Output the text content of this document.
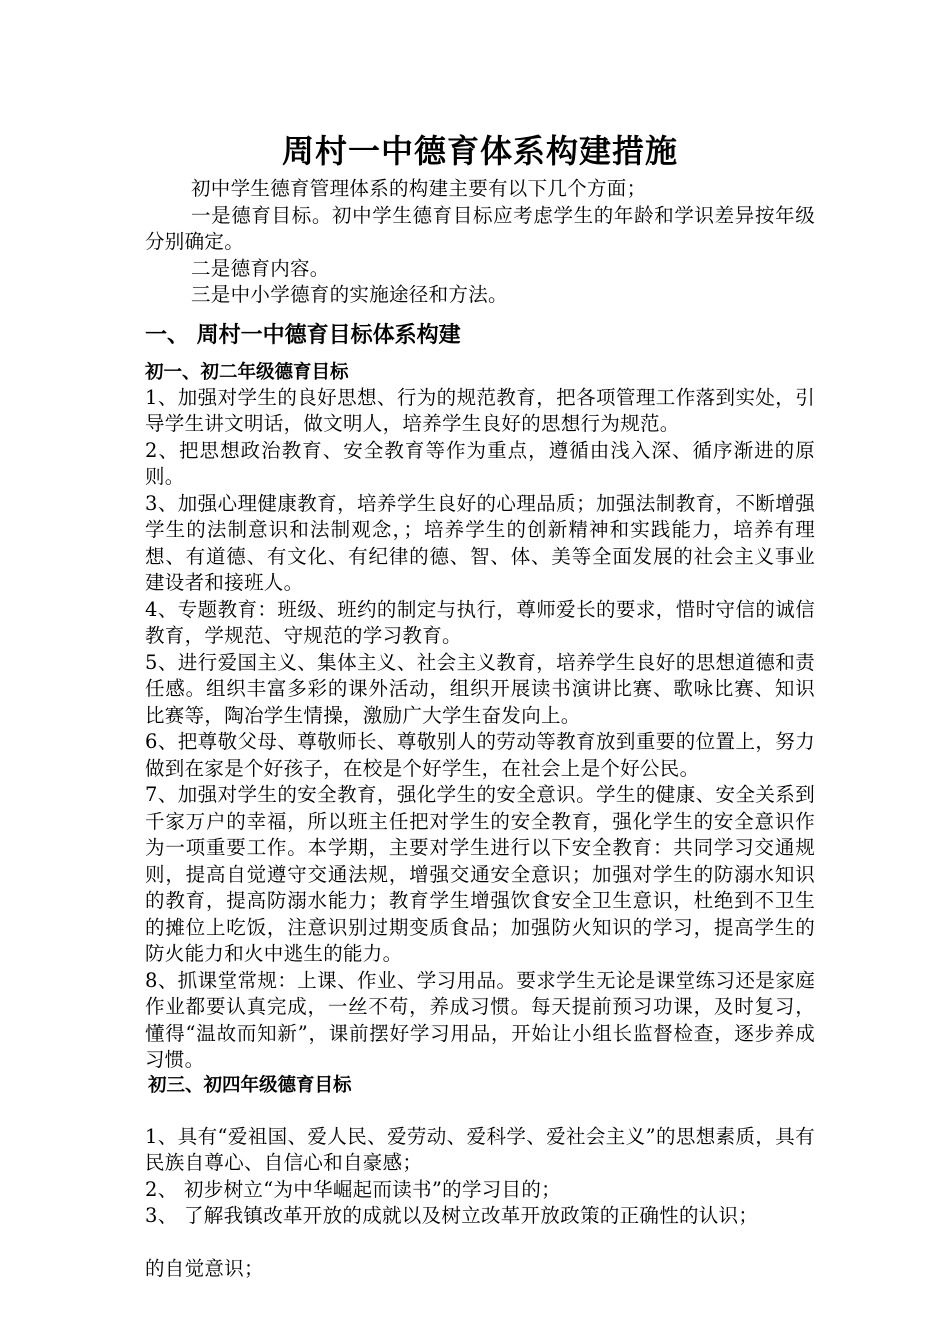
周村一中德育体系构建措施

初中学生德育管理体系的构建主要有以下几个方面；

一是德育目标。初中学生德育目标应考虑学生的年龄和学识差异按年级分别确定。

二是德育内容。

三是中小学德育的实施途径和方法。

一、 周村一中德育目标体系构建
初一、初二年级德育目标

1、加强对学生的良好思想、行为的规范教育，把各项管理工作落到实处，引导学生讲文明话，做文明人，培养学生良好的思想行为规范。

2、把思想政治教育、安全教育等作为重点，遵循由浅入深、循序渐进的原则。

3、加强心理健康教育，培养学生良好的心理品质；加强法制教育，不断增强学生的法制意识和法制观念，；培养学生的创新精神和实践能力，培养有理想、有道德、有文化、有纪律的德、智、体、美等全面发展的社会主义事业建设者和接班人。

4、专题教育：班级、班约的制定与执行，尊师爱长的要求，惜时守信的诚信教育，学规范、守规范的学习教育。

5、进行爱国主义、集体主义、社会主义教育，培养学生良好的思想道德和责任感。组织丰富多彩的课外活动，组织开展读书演讲比赛、歌咏比赛、知识比赛等，陶冶学生情操，激励广大学生奋发向上。

6、把尊敬父母、尊敬师长、尊敬别人的劳动等教育放到重要的位置上，努力做到在家是个好孩子，在校是个好学生，在社会上是个好公民。

7、加强对学生的安全教育，强化学生的安全意识。学生的健康、安全关系到千家万户的幸福，所以班主任把对学生的安全教育，强化学生的安全意识作为一项重要工作。本学期，主要对学生进行以下安全教育：共同学习交通规则，提高自觉遵守交通法规，增强交通安全意识；加强对学生的防溺水知识的教育，提高防溺水能力；教育学生增强饮食安全卫生意识，杜绝到不卫生的摊位上吃饭，注意识别过期变质食品；加强防火知识的学习，提高学生的防火能力和火中逃生的能力。

8、抓课堂常规：上课、作业、学习用品。要求学生无论是课堂练习还是家庭作业都要认真完成，一丝不苟，养成习惯。每天提前预习功课，及时复习，懂得“温故而知新”，课前摆好学习用品，开始让小组长监督检查，逐步养成习惯。

初三、初四年级德育目标

1、具有“爱祖国、爱人民、爱劳动、爱科学、爱社会主义”的思想素质，具有民族自尊心、自信心和自豪感；

2、 初步树立“为中华崛起而读书”的学习目的；

3、 了解我镇改革开放的成就以及树立改革开放政策的正确性的认识；

的自觉意识；
